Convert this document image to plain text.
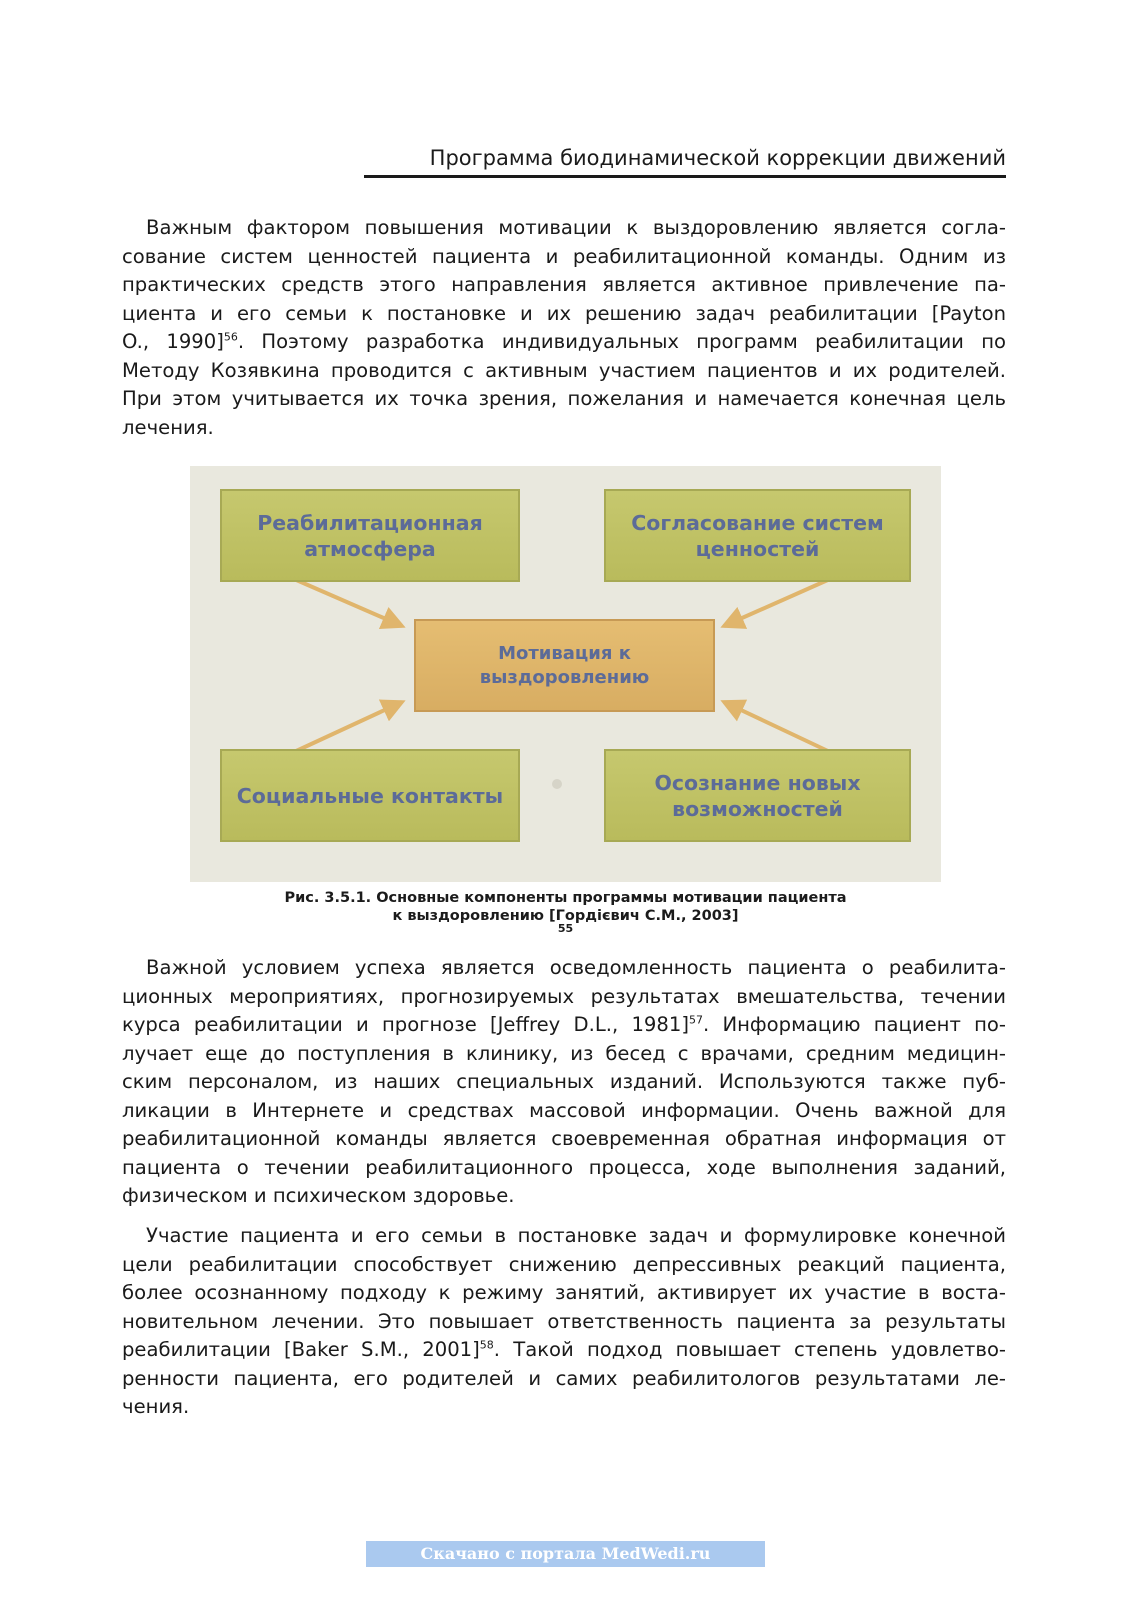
Программа биодинамической коррекции движений
Важным фактором повышения мотивации к выздоровлению является согла-
сование систем ценностей пациента и реабилитационной команды. Одним из
практических средств этого направления является активное привлечение па-
циента и его семьи к постановке и их решению задач реабилитации [Payton
O., 1990]$^{56}$. Поэтому разработка индивидуальных программ реабилитации по
Методу Козявкина проводится с активным участием пациентов и их родителей.
При этом учитывается их точка зрения, пожелания и намечается конечная цель
лечения.
Реабилитационная атмосфера
Согласование систем ценностей
Мотивация к выздоровлению
Социальные контакты
Осознание новых возможностей
Рис. 3.5.1. Основные компоненты программы мотивации пациента
к выздоровлению [Гордієвич С.М., 2003]
$^{55}$
Важной условием успеха является осведомленность пациента о реабилита-
ционных мероприятиях, прогнозируемых результатах вмешательства, течении
курса реабилитации и прогнозе [Jeffrey D.L., 1981]$^{57}$. Информацию пациент по-
лучает еще до поступления в клинику, из бесед с врачами, средним медицин-
ским персоналом, из наших специальных изданий. Используются также пуб-
ликации в Интернете и средствах массовой информации. Очень важной для
реабилитационной команды является своевременная обратная информация от
пациента о течении реабилитационного процесса, ходе выполнения заданий,
физическом и психическом здоровье.
Участие пациента и его семьи в постановке задач и формулировке конечной
цели реабилитации способствует снижению депрессивных реакций пациента,
более осознанному подходу к режиму занятий, активирует их участие в воста-
новительном лечении. Это повышает ответственность пациента за результаты
реабилитации [Baker S.M., 2001]$^{58}$. Такой подход повышает степень удовлетво-
ренности пациента, его родителей и самих реабилитологов результатами ле-
чения.
Скачано с портала MedWedi.ru
